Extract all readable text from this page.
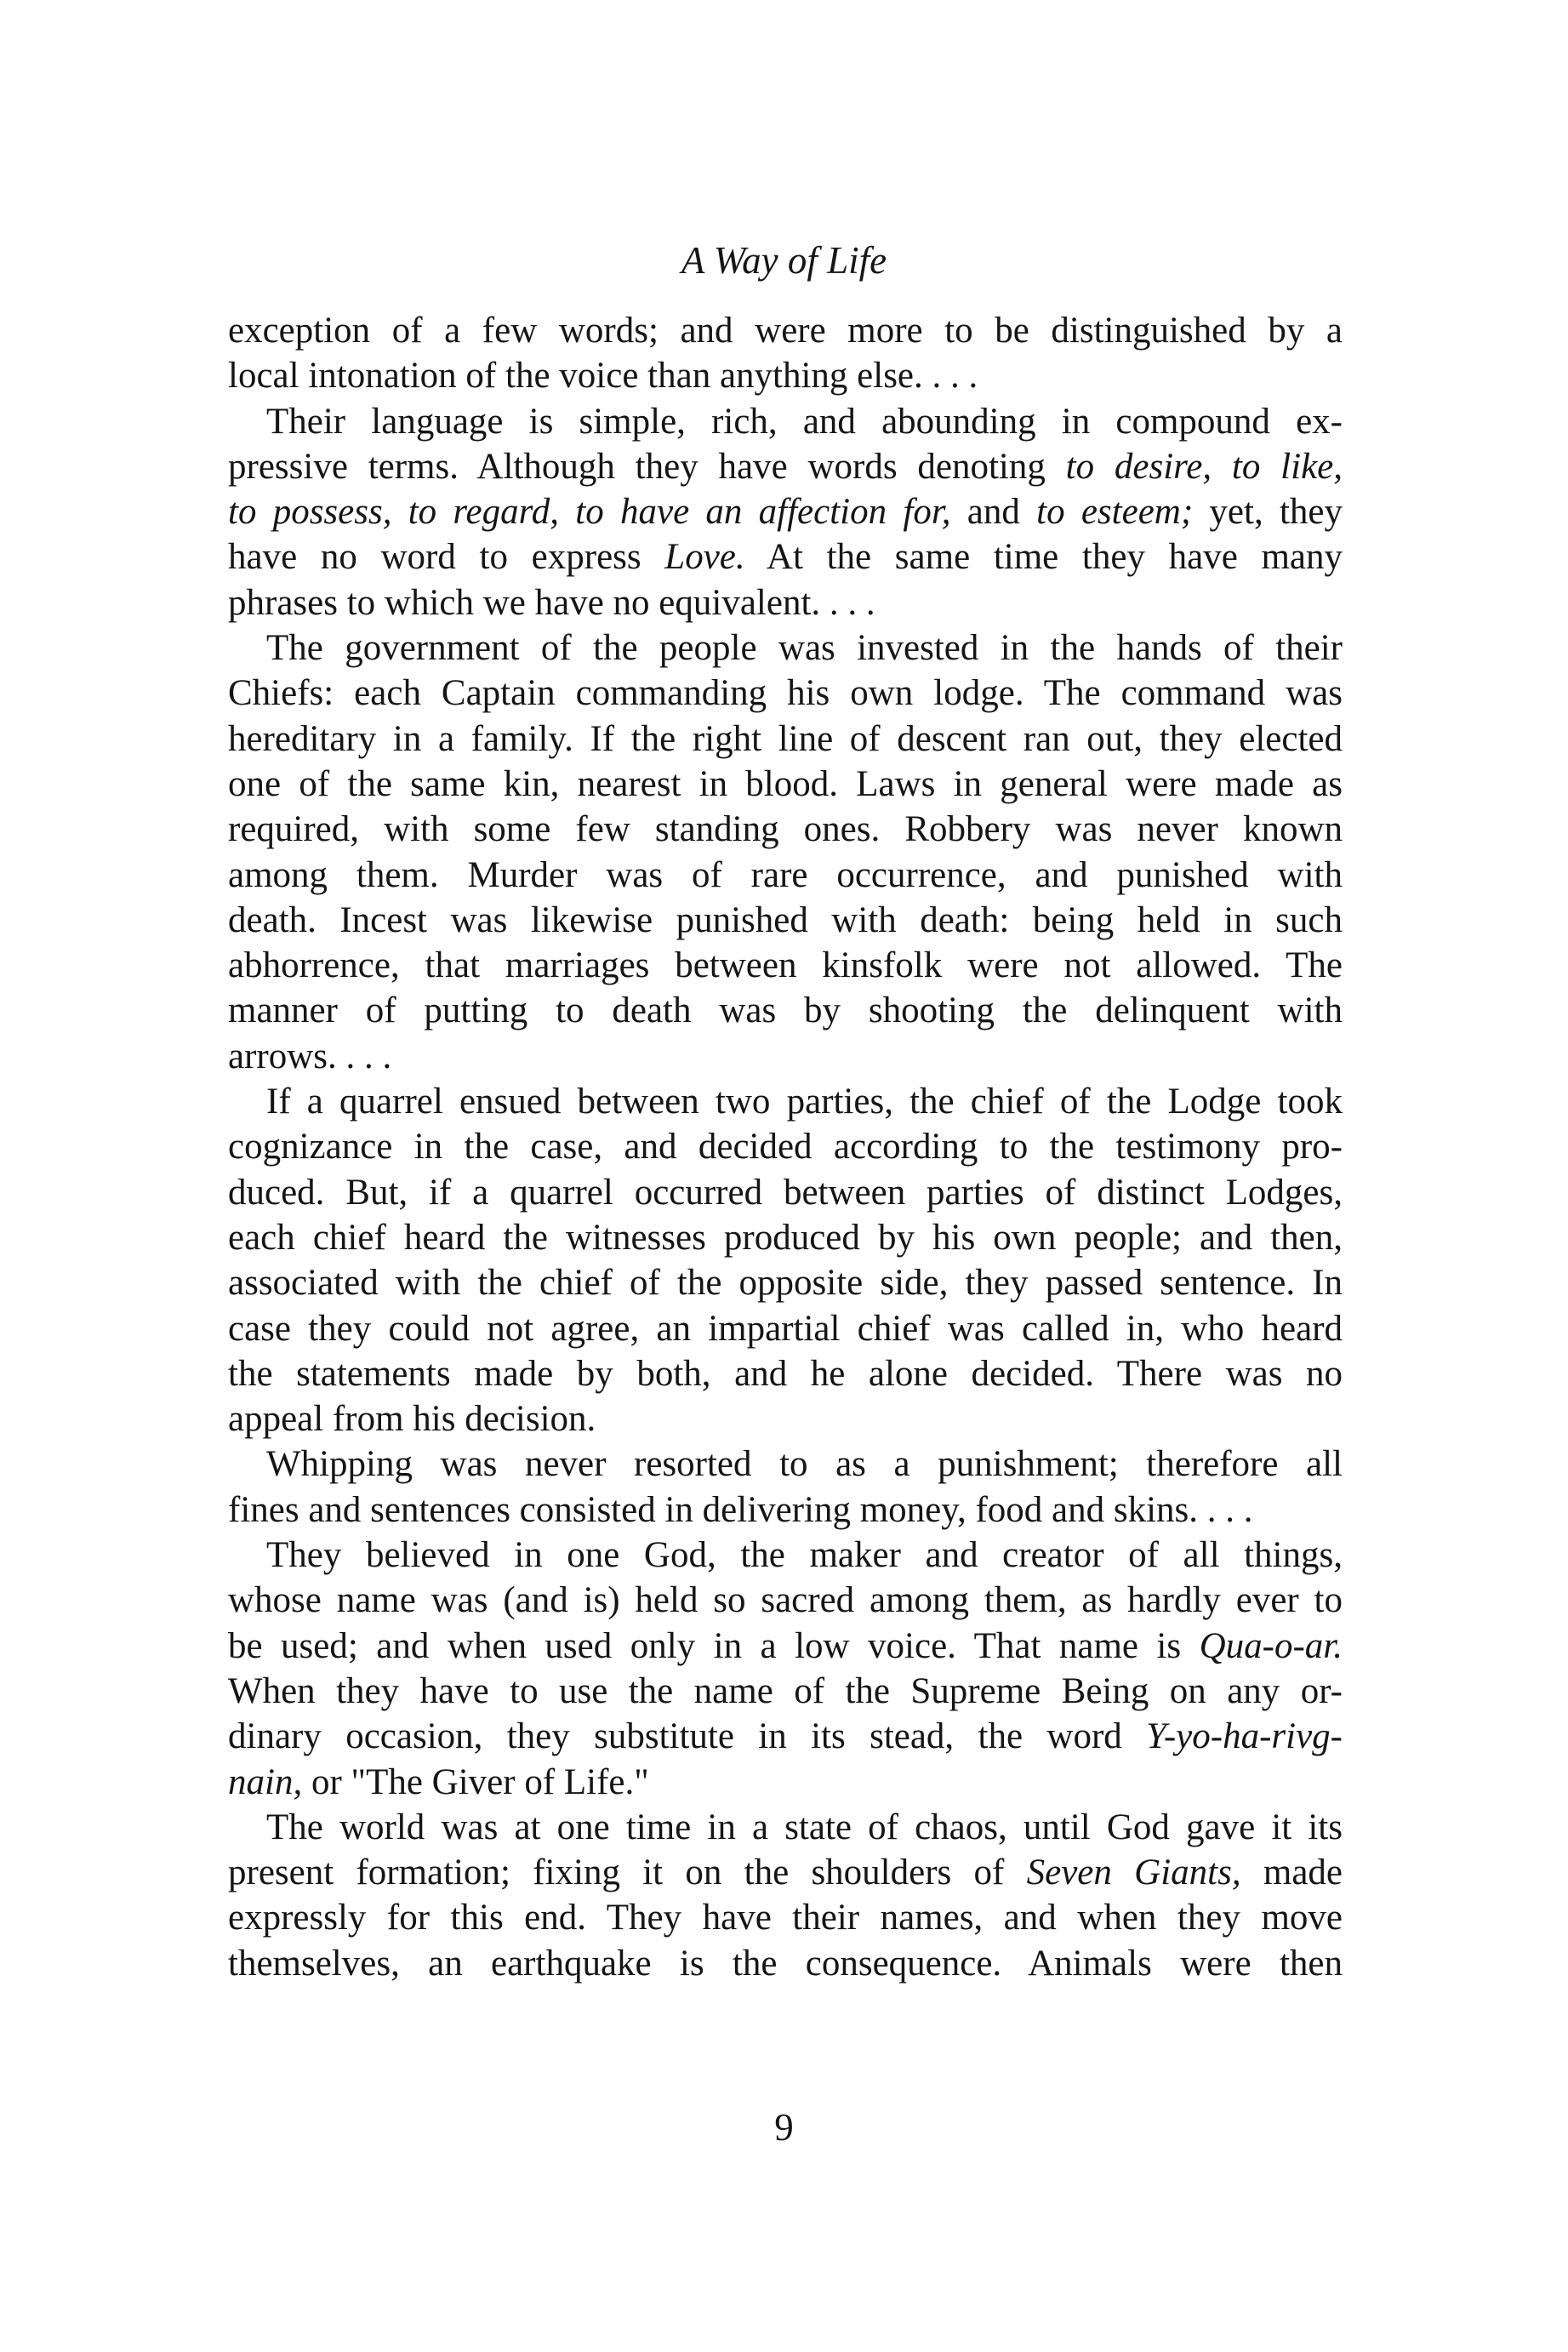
A Way of Life
exception of a few words; and were more to be distinguished by a
local intonation of the voice than anything else. . . .
Their language is simple, rich, and abounding in compound ex-
pressive terms. Although they have words denoting to desire, to like,
to possess, to regard, to have an affection for, and to esteem; yet, they
have no word to express Love. At the same time they have many
phrases to which we have no equivalent. . . .
The government of the people was invested in the hands of their
Chiefs: each Captain commanding his own lodge. The command was
hereditary in a family. If the right line of descent ran out, they elected
one of the same kin, nearest in blood. Laws in general were made as
required, with some few standing ones. Robbery was never known
among them. Murder was of rare occurrence, and punished with
death. Incest was likewise punished with death: being held in such
abhorrence, that marriages between kinsfolk were not allowed. The
manner of putting to death was by shooting the delinquent with
arrows. . . .
If a quarrel ensued between two parties, the chief of the Lodge took
cognizance in the case, and decided according to the testimony pro-
duced. But, if a quarrel occurred between parties of distinct Lodges,
each chief heard the witnesses produced by his own people; and then,
associated with the chief of the opposite side, they passed sentence. In
case they could not agree, an impartial chief was called in, who heard
the statements made by both, and he alone decided. There was no
appeal from his decision.
Whipping was never resorted to as a punishment; therefore all
fines and sentences consisted in delivering money, food and skins. . . .
They believed in one God, the maker and creator of all things,
whose name was (and is) held so sacred among them, as hardly ever to
be used; and when used only in a low voice. That name is Qua-o-ar.
When they have to use the name of the Supreme Being on any or-
dinary occasion, they substitute in its stead, the word Y-yo-ha-rivg-
nain, or "The Giver of Life."
The world was at one time in a state of chaos, until God gave it its
present formation; fixing it on the shoulders of Seven Giants, made
expressly for this end. They have their names, and when they move
themselves, an earthquake is the consequence. Animals were then
9
